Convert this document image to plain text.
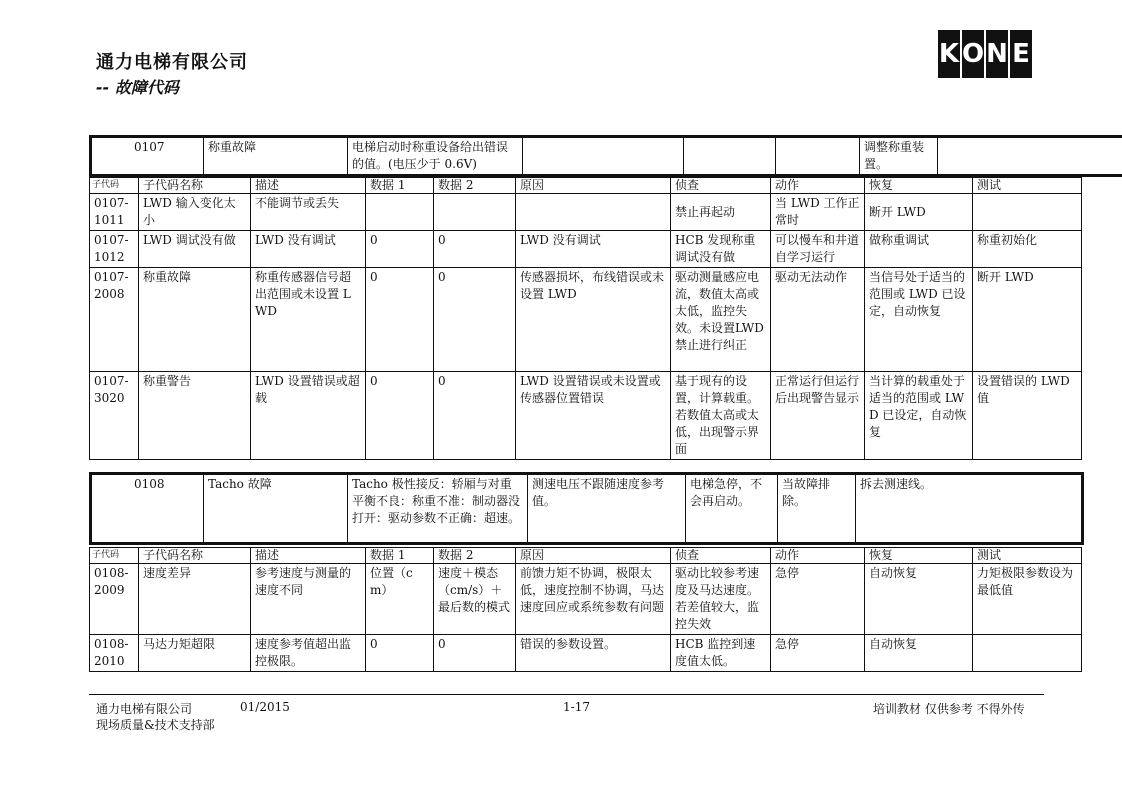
通力电梯有限公司
-- 故障代码
K O N E
0107	称重故障	电梯启动时称重设备给出错误的值。(电压少于 0.6V)				调整称重装置。	
子代码	子代码名称	描述	数据 1	数据 2	原因	侦查	动作	恢复	测试
0107-1011	LWD 输入变化太小	不能调节或丢失				禁止再起动	当 LWD 工作正常时	断开 LWD	
0107-1012	LWD 调试没有做	LWD 没有调试	0	0	LWD 没有调试	HCB 发现称重调试没有做	可以慢车和井道自学习运行	做称重调试	称重初始化
0107-2008	称重故障	称重传感器信号超出范围或未设置 LWD	0	0	传感器损坏，布线错误或未设置 LWD	驱动测量感应电流，数值太高或太低，监控失效。未设置LWD禁止进行纠正	驱动无法动作	当信号处于适当的范围或 LWD 已设定，自动恢复	断开 LWD
0107-3020	称重警告	LWD 设置错误或超载	0	0	LWD 设置错误或未设置或传感器位置错误	基于现有的设置，计算载重。若数值太高或太低，出现警示界面	正常运行但运行后出现警告显示	当计算的载重处于适当的范围或 LWD 已设定，自动恢复	设置错误的 LWD 值
0108	Tacho 故障	Tacho 极性接反：轿厢与对重平衡不良：称重不准：制动器没打开：驱动参数不正确：超速。	测速电压不跟随速度参考值。	电梯急停，不会再启动。	当故障排除。	拆去测速线。
子代码	子代码名称	描述	数据 1	数据 2	原因	侦查	动作	恢复	测试
0108-2009	速度差异	参考速度与测量的速度不同	位置（cm）	速度＋模态（cm/s）＋最后数的模式	前馈力矩不协调，极限太低，速度控制不协调，马达速度回应或系统参数有问题	驱动比较参考速度及马达速度。若差值较大，监控失效	急停	自动恢复	力矩极限参数设为最低值
0108-2010	马达力矩超限	速度参考值超出监控极限。	0	0	错误的参数设置。	HCB 监控到速度值太低。	急停	自动恢复	
通力电梯有限公司	01/2015	1-17	培训教材 仅供参考 不得外传
现场质量&技术支持部
